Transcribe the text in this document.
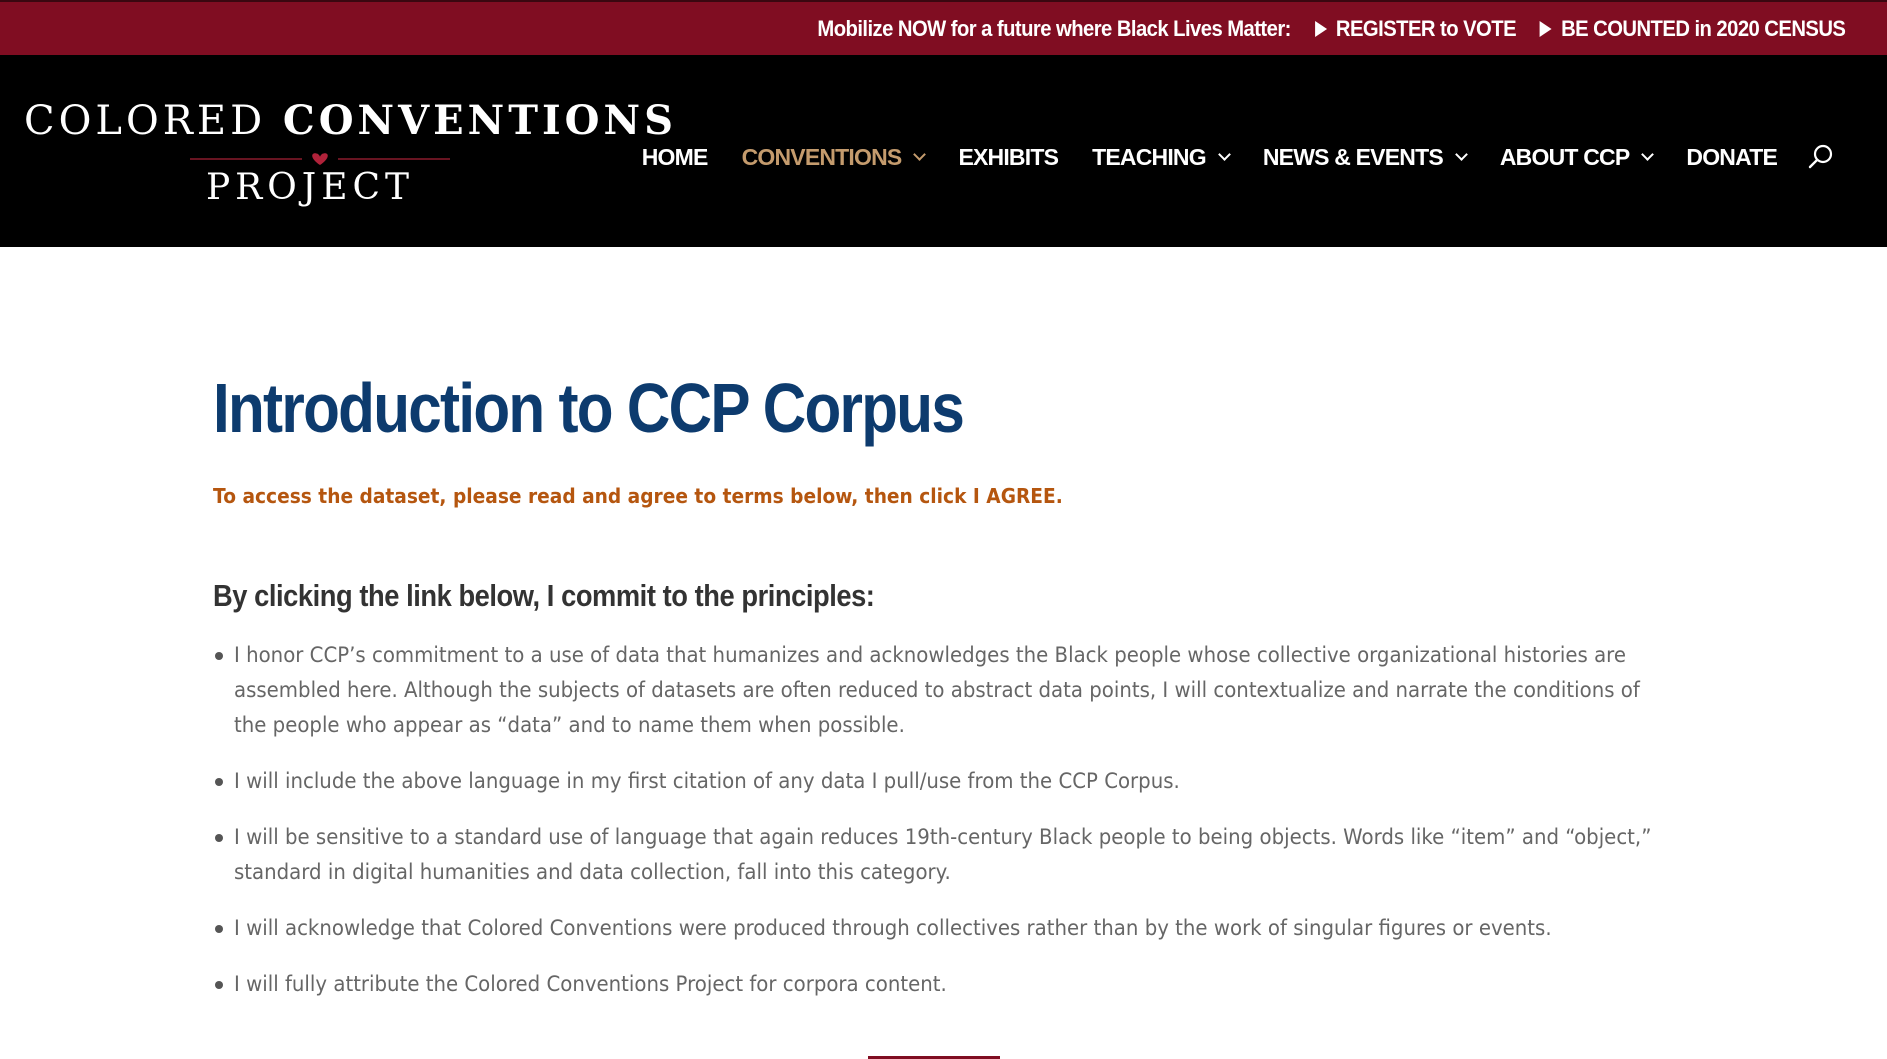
Mobilize NOW for a future where Black Lives Matter: REGISTER to VOTE BE COUNTED in 2020 CENSUS
COLORED CONVENTIONS
PROJECT
HOME CONVENTIONS EXHIBITS TEACHING NEWS & EVENTS ABOUT CCP DONATE
Introduction to CCP Corpus
To access the dataset, please read and agree to terms below, then click I AGREE.
By clicking the link below, I commit to the principles:
I honor CCP’s commitment to a use of data that humanizes and acknowledges the Black people whose collective organizational histories are assembled here. Although the subjects of datasets are often reduced to abstract data points, I will contextualize and narrate the conditions of the people who appear as “data” and to name them when possible.
I will include the above language in my first citation of any data I pull/use from the CCP Corpus.
I will be sensitive to a standard use of language that again reduces 19th-century Black people to being objects. Words like “item” and “object,” standard in digital humanities and data collection, fall into this category.
I will acknowledge that Colored Conventions were produced through collectives rather than by the work of singular figures or events.
I will fully attribute the Colored Conventions Project for corpora content.
